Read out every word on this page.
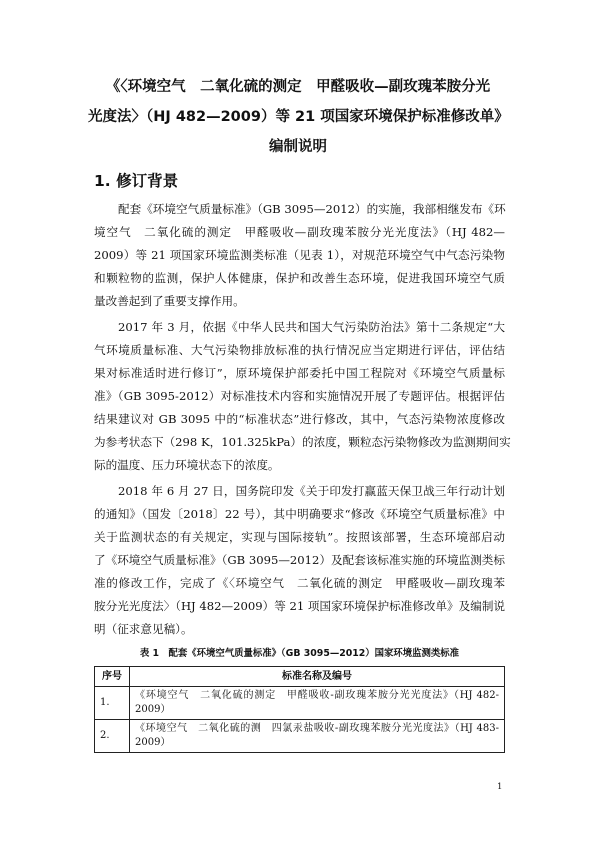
《〈环境空气　二氧化硫的测定　甲醛吸收—副玫瑰苯胺分光
光度法〉（HJ 482—2009）等 21 项国家环境保护标准修改单》
编制说明
1. 修订背景

配套《环境空气质量标准》（GB 3095—2012）的实施，我部相继发布《环

境空气　二氧化硫的测定　甲醛吸收—副玫瑰苯胺分光光度法》（HJ 482—

2009）等 21 项国家环境监测类标准（见表 1），对规范环境空气中气态污染物

和颗粒物的监测，保护人体健康，保护和改善生态环境，促进我国环境空气质

量改善起到了重要支撑作用。

2017 年 3 月，依据《中华人民共和国大气污染防治法》第十二条规定“大

气环境质量标准、大气污染物排放标准的执行情况应当定期进行评估，评估结

果对标准适时进行修订”，原环境保护部委托中国工程院对《环境空气质量标

准》（GB 3095-2012）对标准技术内容和实施情况开展了专题评估。根据评估

结果建议对 GB 3095 中的“标准状态”进行修改，其中，气态污染物浓度修改

为参考状态下（298 K，101.325kPa）的浓度，颗粒态污染物修改为监测期间实

际的温度、压力环境状态下的浓度。

2018 年 6 月 27 日，国务院印发《关于印发打赢蓝天保卫战三年行动计划

的通知》（国发〔2018〕22 号），其中明确要求“修改《环境空气质量标准》中

关于监测状态的有关规定，实现与国际接轨”。按照该部署，生态环境部启动

了《环境空气质量标准》（GB 3095—2012）及配套该标准实施的环境监测类标

准的修改工作，完成了《〈环境空气　二氧化硫的测定　甲醛吸收—副玫瑰苯

胺分光光度法〉（HJ 482—2009）等 21 项国家环境保护标准修改单》及编制说

明（征求意见稿）。

表 1　配套《环境空气质量标准》（GB 3095—2012）国家环境监测类标准

序号	标准名称及编号
1.	《环境空气　二氧化硫的测定　甲醛吸收-副玫瑰苯胺分光光度法》（HJ 482-2009）
2.	《环境空气　二氧化硫的测　四氯汞盐吸收-副玫瑰苯胺分光光度法》（HJ 483-2009）

1
